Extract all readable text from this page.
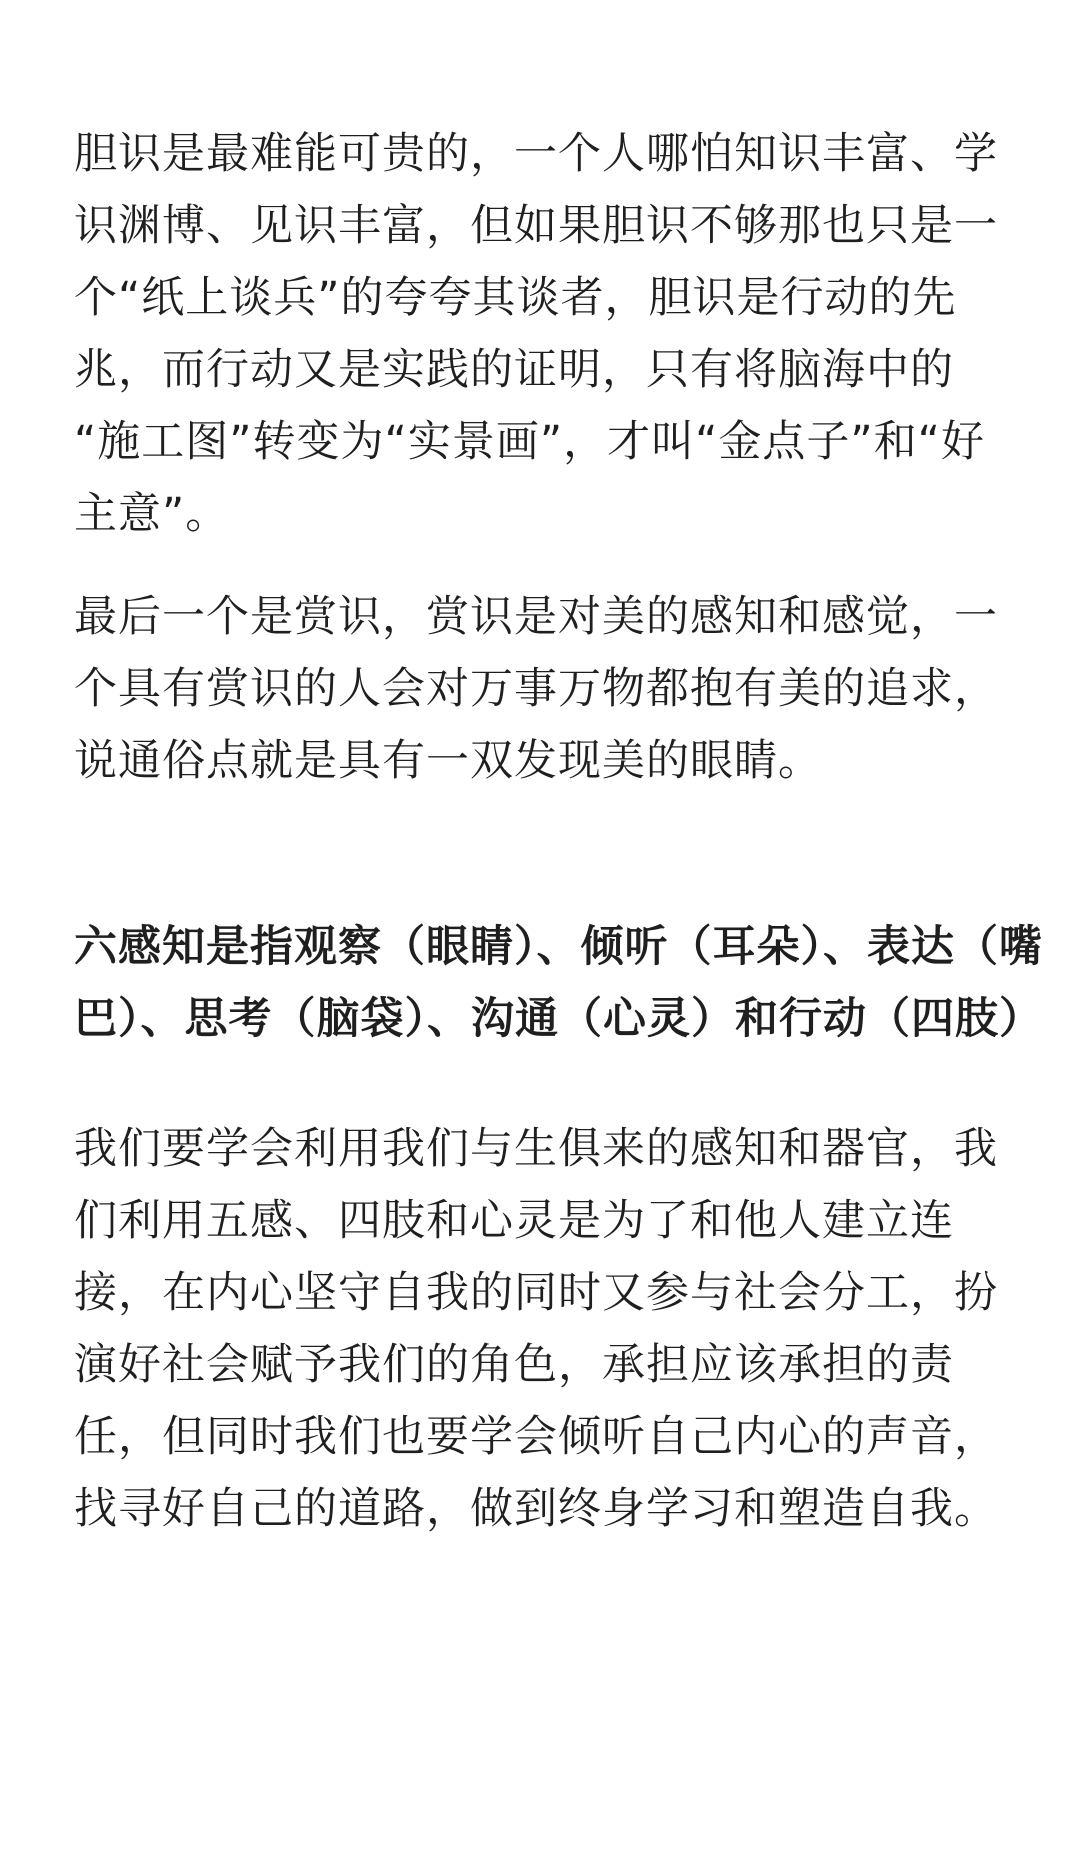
胆识是最难能可贵的，一个人哪怕知识丰富、学
识渊博、见识丰富，但如果胆识不够那也只是一
个“纸上谈兵”的夸夸其谈者，胆识是行动的先
兆，而行动又是实践的证明，只有将脑海中的
“施工图”转变为“实景画”，才叫“金点子”和“好
主意”。

最后一个是赏识，赏识是对美的感知和感觉，一
个具有赏识的人会对万事万物都抱有美的追求，
说通俗点就是具有一双发现美的眼睛。

六感知是指观察（眼睛）、倾听（耳朵）、表达（嘴
巴）、思考（脑袋）、沟通（心灵）和行动（四肢）

我们要学会利用我们与生俱来的感知和器官，我
们利用五感、四肢和心灵是为了和他人建立连
接，在内心坚守自我的同时又参与社会分工，扮
演好社会赋予我们的角色，承担应该承担的责
任，但同时我们也要学会倾听自己内心的声音，
找寻好自己的道路，做到终身学习和塑造自我。
